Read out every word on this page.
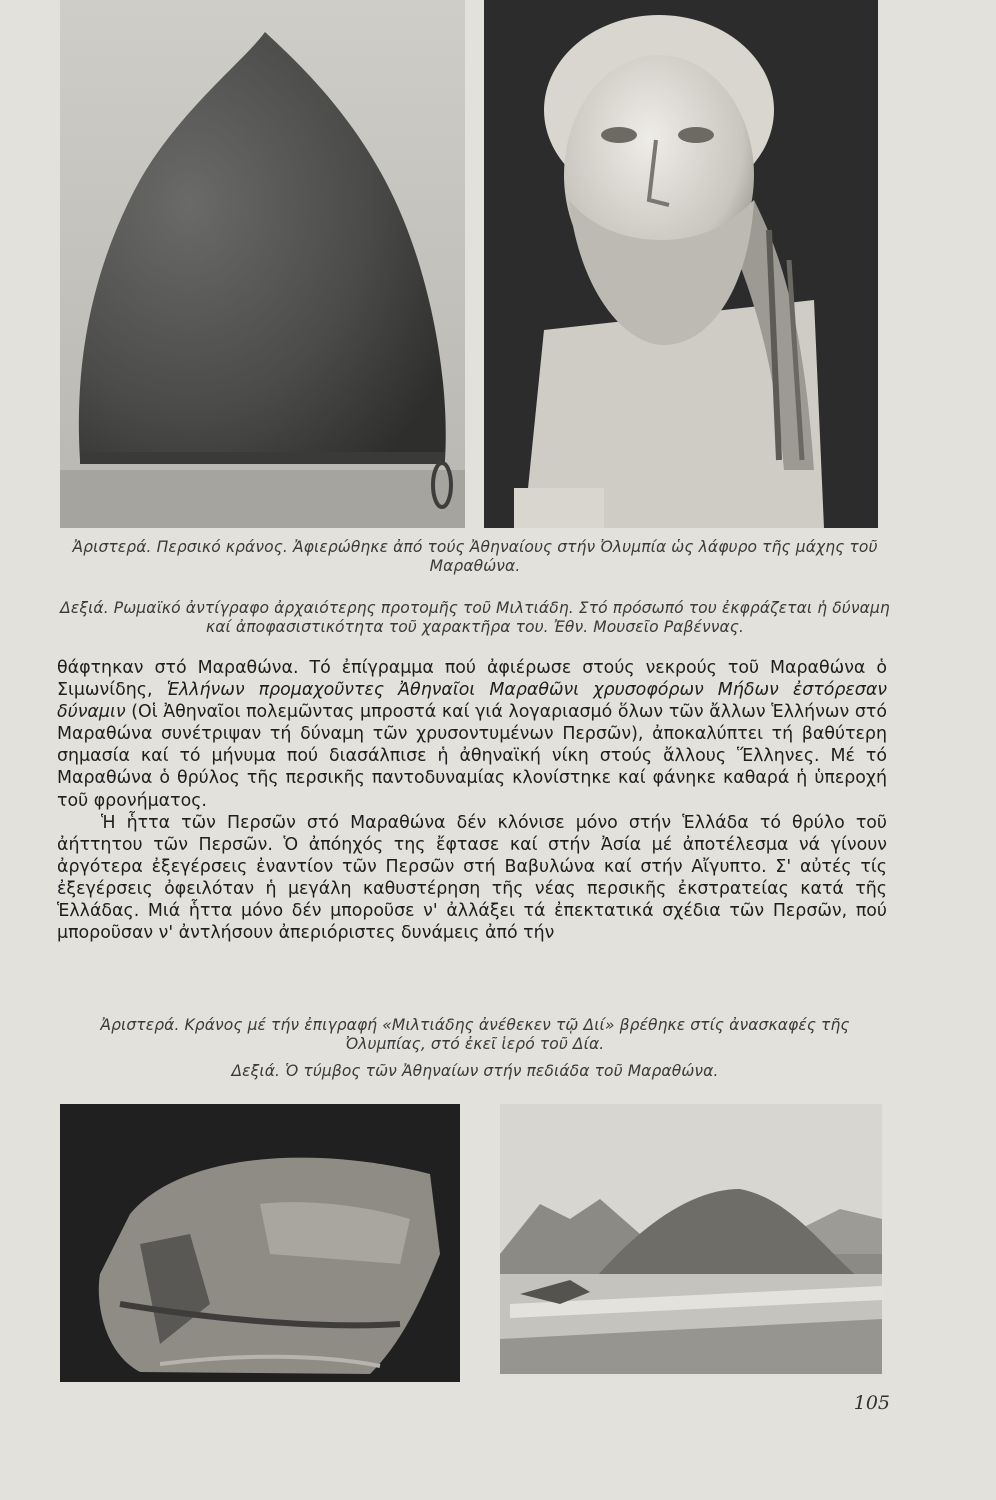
Ἀριστερά. Περσικό κράνος. Ἀφιερώθηκε ἀπό τούς Ἀθηναίους στήν Ὀλυμπία ὡς λάφυρο τῆς μάχης τοῦ Μαραθώνα.
Δεξιά. Ρωμαϊκό ἀντίγραφο ἀρχαιότερης προτομῆς τοῦ Μιλτιάδη. Στό πρόσωπό του ἐκφράζεται ἡ δύναμη καί ἀποφασιστικότητα τοῦ χαρακτῆρα του. Ἐθν. Μουσεῖο Ραβέννας.

θάφτηκαν στό Μαραθώνα. Τό ἐπίγραμμα πού ἀφιέρωσε στούς νεκρούς τοῦ Μαραθώνα ὁ Σιμωνίδης, Ἑλλήνων προμαχοῦντες Ἀθηναῖοι Μαραθῶνι χρυσοφόρων Μήδων ἐστόρεσαν δύναμιν (Οἱ Ἀθηναῖοι πολεμῶντας μπροστά καί γιά λογαριασμό ὅλων τῶν ἄλλων Ἑλλήνων στό Μαραθώνα συνέτριψαν τή δύναμη τῶν χρυσοντυμένων Περσῶν), ἀποκαλύπτει τή βαθύτερη σημασία καί τό μήνυμα πού διασάλπισε ἡ ἀθηναϊκή νίκη στούς ἄλλους Ἕλληνες. Μέ τό Μαραθώνα ὁ θρύλος τῆς περσικῆς παντοδυναμίας κλονίστηκε καί φάνηκε καθαρά ἡ ὑπεροχή τοῦ φρονήματος.

Ἡ ἧττα τῶν Περσῶν στό Μαραθώνα δέν κλόνισε μόνο στήν Ἑλλάδα τό θρύλο τοῦ ἀήττητου τῶν Περσῶν. Ὁ ἀπόηχός της ἔφτασε καί στήν Ἀσία μέ ἀποτέλεσμα νά γίνουν ἀργότερα ἐξεγέρσεις ἐναντίον τῶν Περσῶν στή Βαβυλώνα καί στήν Αἴγυπτο. Σ' αὐτές τίς ἐξεγέρσεις ὀφειλόταν ἡ μεγάλη καθυστέρηση τῆς νέας περσικῆς ἐκστρατείας κατά τῆς Ἑλλάδας. Μιά ἧττα μόνο δέν μποροῦσε ν' ἀλλάξει τά ἐπεκτατικά σχέδια τῶν Περσῶν, πού μποροῦσαν ν' ἀντλήσουν ἀπεριόριστες δυνάμεις ἀπό τήν

Ἀριστερά. Κράνος μέ τήν ἐπιγραφή «Μιλτιάδης ἀνέθεκεν τῷ Διί» βρέθηκε στίς ἀνασκαφές τῆς Ὀλυμπίας, στό ἐκεῖ ἱερό τοῦ Δία.
Δεξιά. Ὁ τύμβος τῶν Ἀθηναίων στήν πεδιάδα τοῦ Μαραθώνα.
105
